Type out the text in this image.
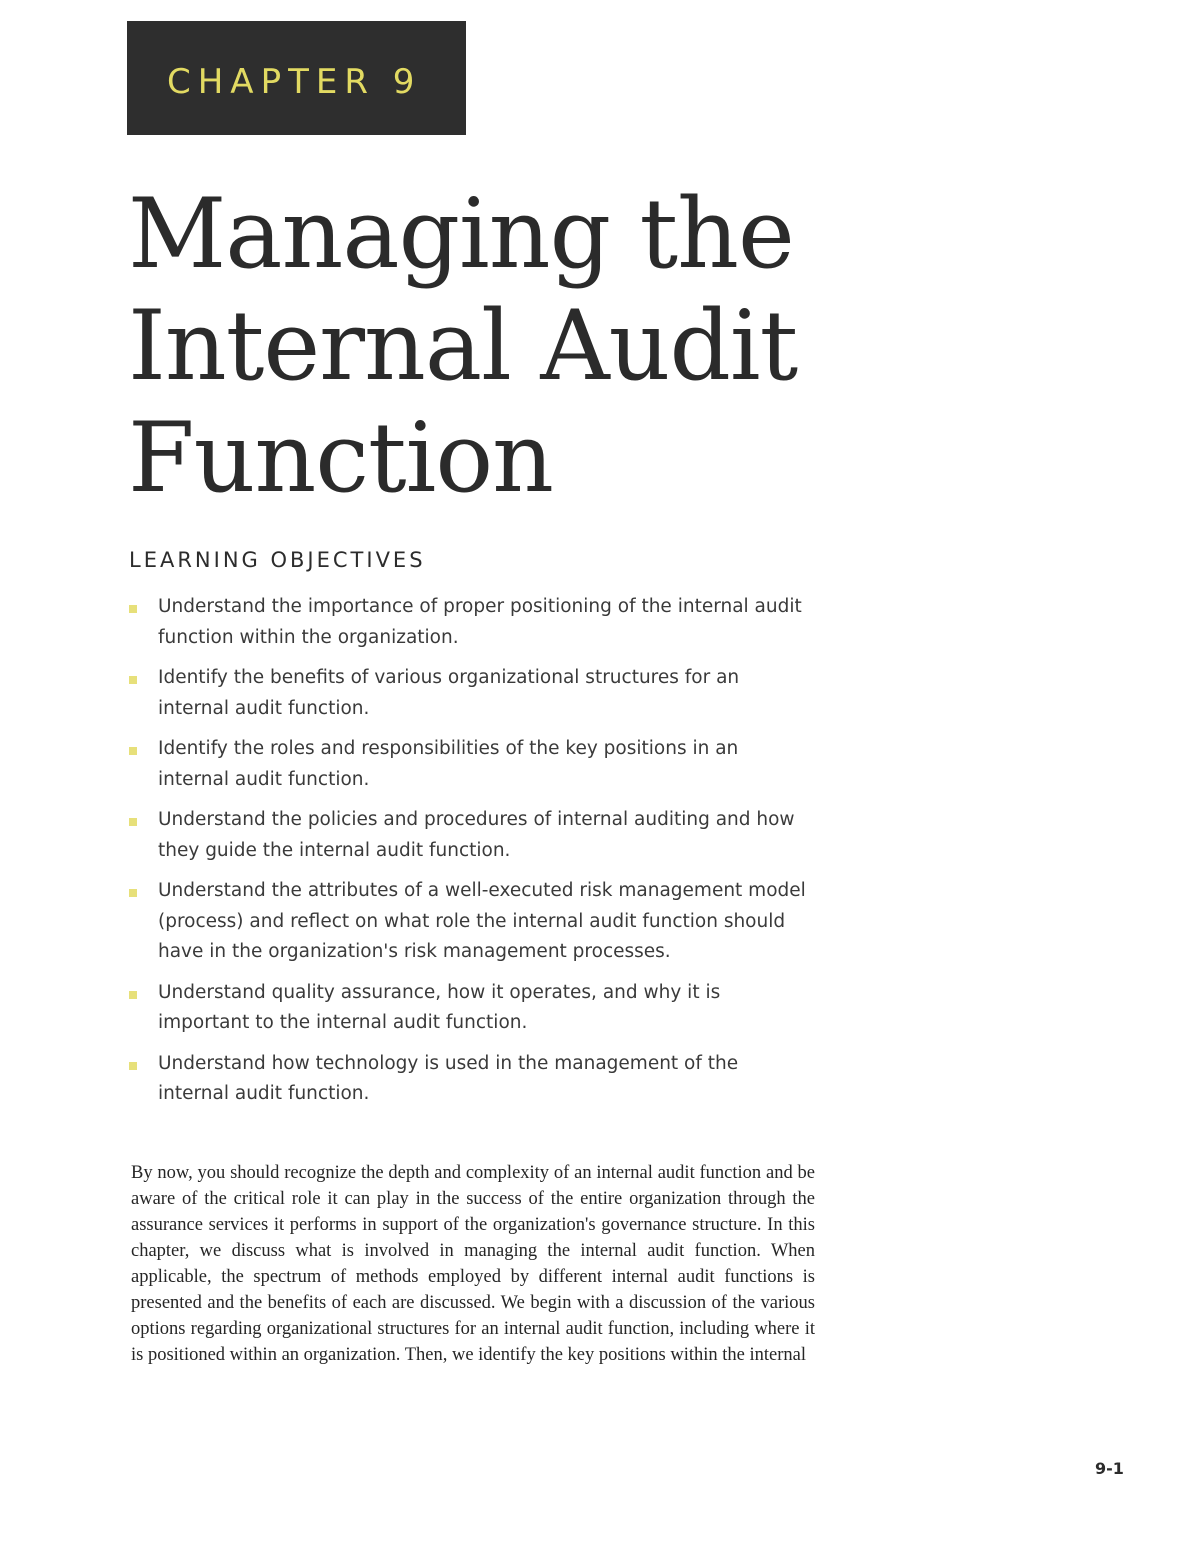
CHAPTER 9
Managing the
Internal Audit
Function
LEARNING OBJECTIVES
Understand the importance of proper positioning of the internal audit function within the organization.
Identify the benefits of various organizational structures for an internal audit function.
Identify the roles and responsibilities of the key positions in an internal audit function.
Understand the policies and procedures of internal auditing and how they guide the internal audit function.
Understand the attributes of a well-executed risk management model (process) and reflect on what role the internal audit function should have in the organization's risk management processes.
Understand quality assurance, how it operates, and why it is important to the internal audit function.
Understand how technology is used in the management of the internal audit function.

By now, you should recognize the depth and complexity of an internal audit function and be aware of the critical role it can play in the success of the entire organization through the assurance services it performs in support of the organization's governance structure. In this chapter, we discuss what is involved in managing the internal audit function. When applicable, the spectrum of methods employed by different internal audit functions is presented and the benefits of each are discussed. We begin with a discussion of the various options regarding organizational structures for an internal audit function, including where it is positioned within an organization. Then, we identify the key positions within the internal

9-1
